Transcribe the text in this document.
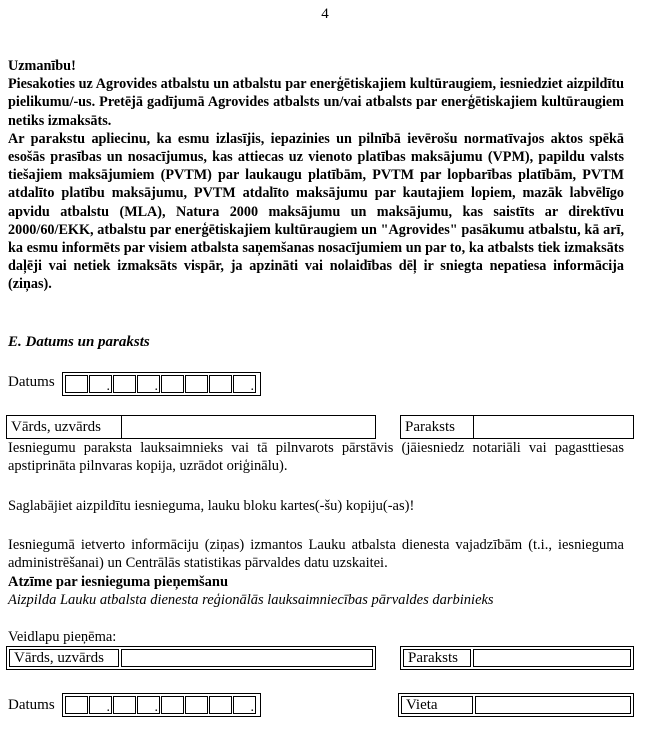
4

Uzmanību!

Piesakoties uz Agrovides atbalstu un atbalstu par enerģētiskajiem kultūraugiem, iesniedziet aizpildītu pielikumu/-us. Pretējā gadījumā Agrovides atbalsts un/vai atbalsts par enerģētiskajiem kultūraugiem netiks izmaksāts.

Ar parakstu apliecinu, ka esmu izlasījis, iepazinies un pilnībā ievērošu normatīvajos aktos spēkā esošās prasības un nosacījumus, kas attiecas uz vienoto platības maksājumu (VPM), papildu valsts tiešajiem maksājumiem (PVTM) par laukaugu platībām, PVTM par lopbarības platībām, PVTM atdalīto platību maksājumu, PVTM atdalīto maksājumu par kautajiem lopiem, mazāk labvēlīgo apvidu atbalstu (MLA), Natura 2000 maksājumu un maksājumu, kas saistīts ar direktīvu 2000/60/EKK, atbalstu par enerģētiskajiem kultūraugiem un "Agrovides" pasākumu atbalstu, kā arī, ka esmu informēts par visiem atbalsta saņemšanas nosacījumiem un par to, ka atbalsts tiek izmaksāts daļēji vai netiek izmaksāts vispār, ja apzināti vai nolaidības dēļ ir sniegta nepatiesa informācija (ziņas).

E. Datums un paraksts
Datums
.
.
.
Vārds, uzvārds	Paraksts
Iesniegumu paraksta lauksaimnieks vai tā pilnvarots pārstāvis (jāiesniedz notariāli vai pagasttiesas apstiprināta pilnvaras kopija, uzrādot oriģinālu).
Saglabājiet aizpildītu iesnieguma, lauku bloku kartes(-šu) kopiju(-as)!
Iesniegumā ietverto informāciju (ziņas) izmantos Lauku atbalsta dienesta vajadzībām (t.i., iesnieguma administrēšanai) un Centrālās statistikas pārvaldes datu uzskaitei.
Atzīme par iesnieguma pieņemšanu
Aizpilda Lauku atbalsta dienesta reģionālās lauksaimniecības pārvaldes darbinieks
Veidlapu pieņēma:
Vārds, uzvārds	Paraksts
Datums . . .	Vieta
